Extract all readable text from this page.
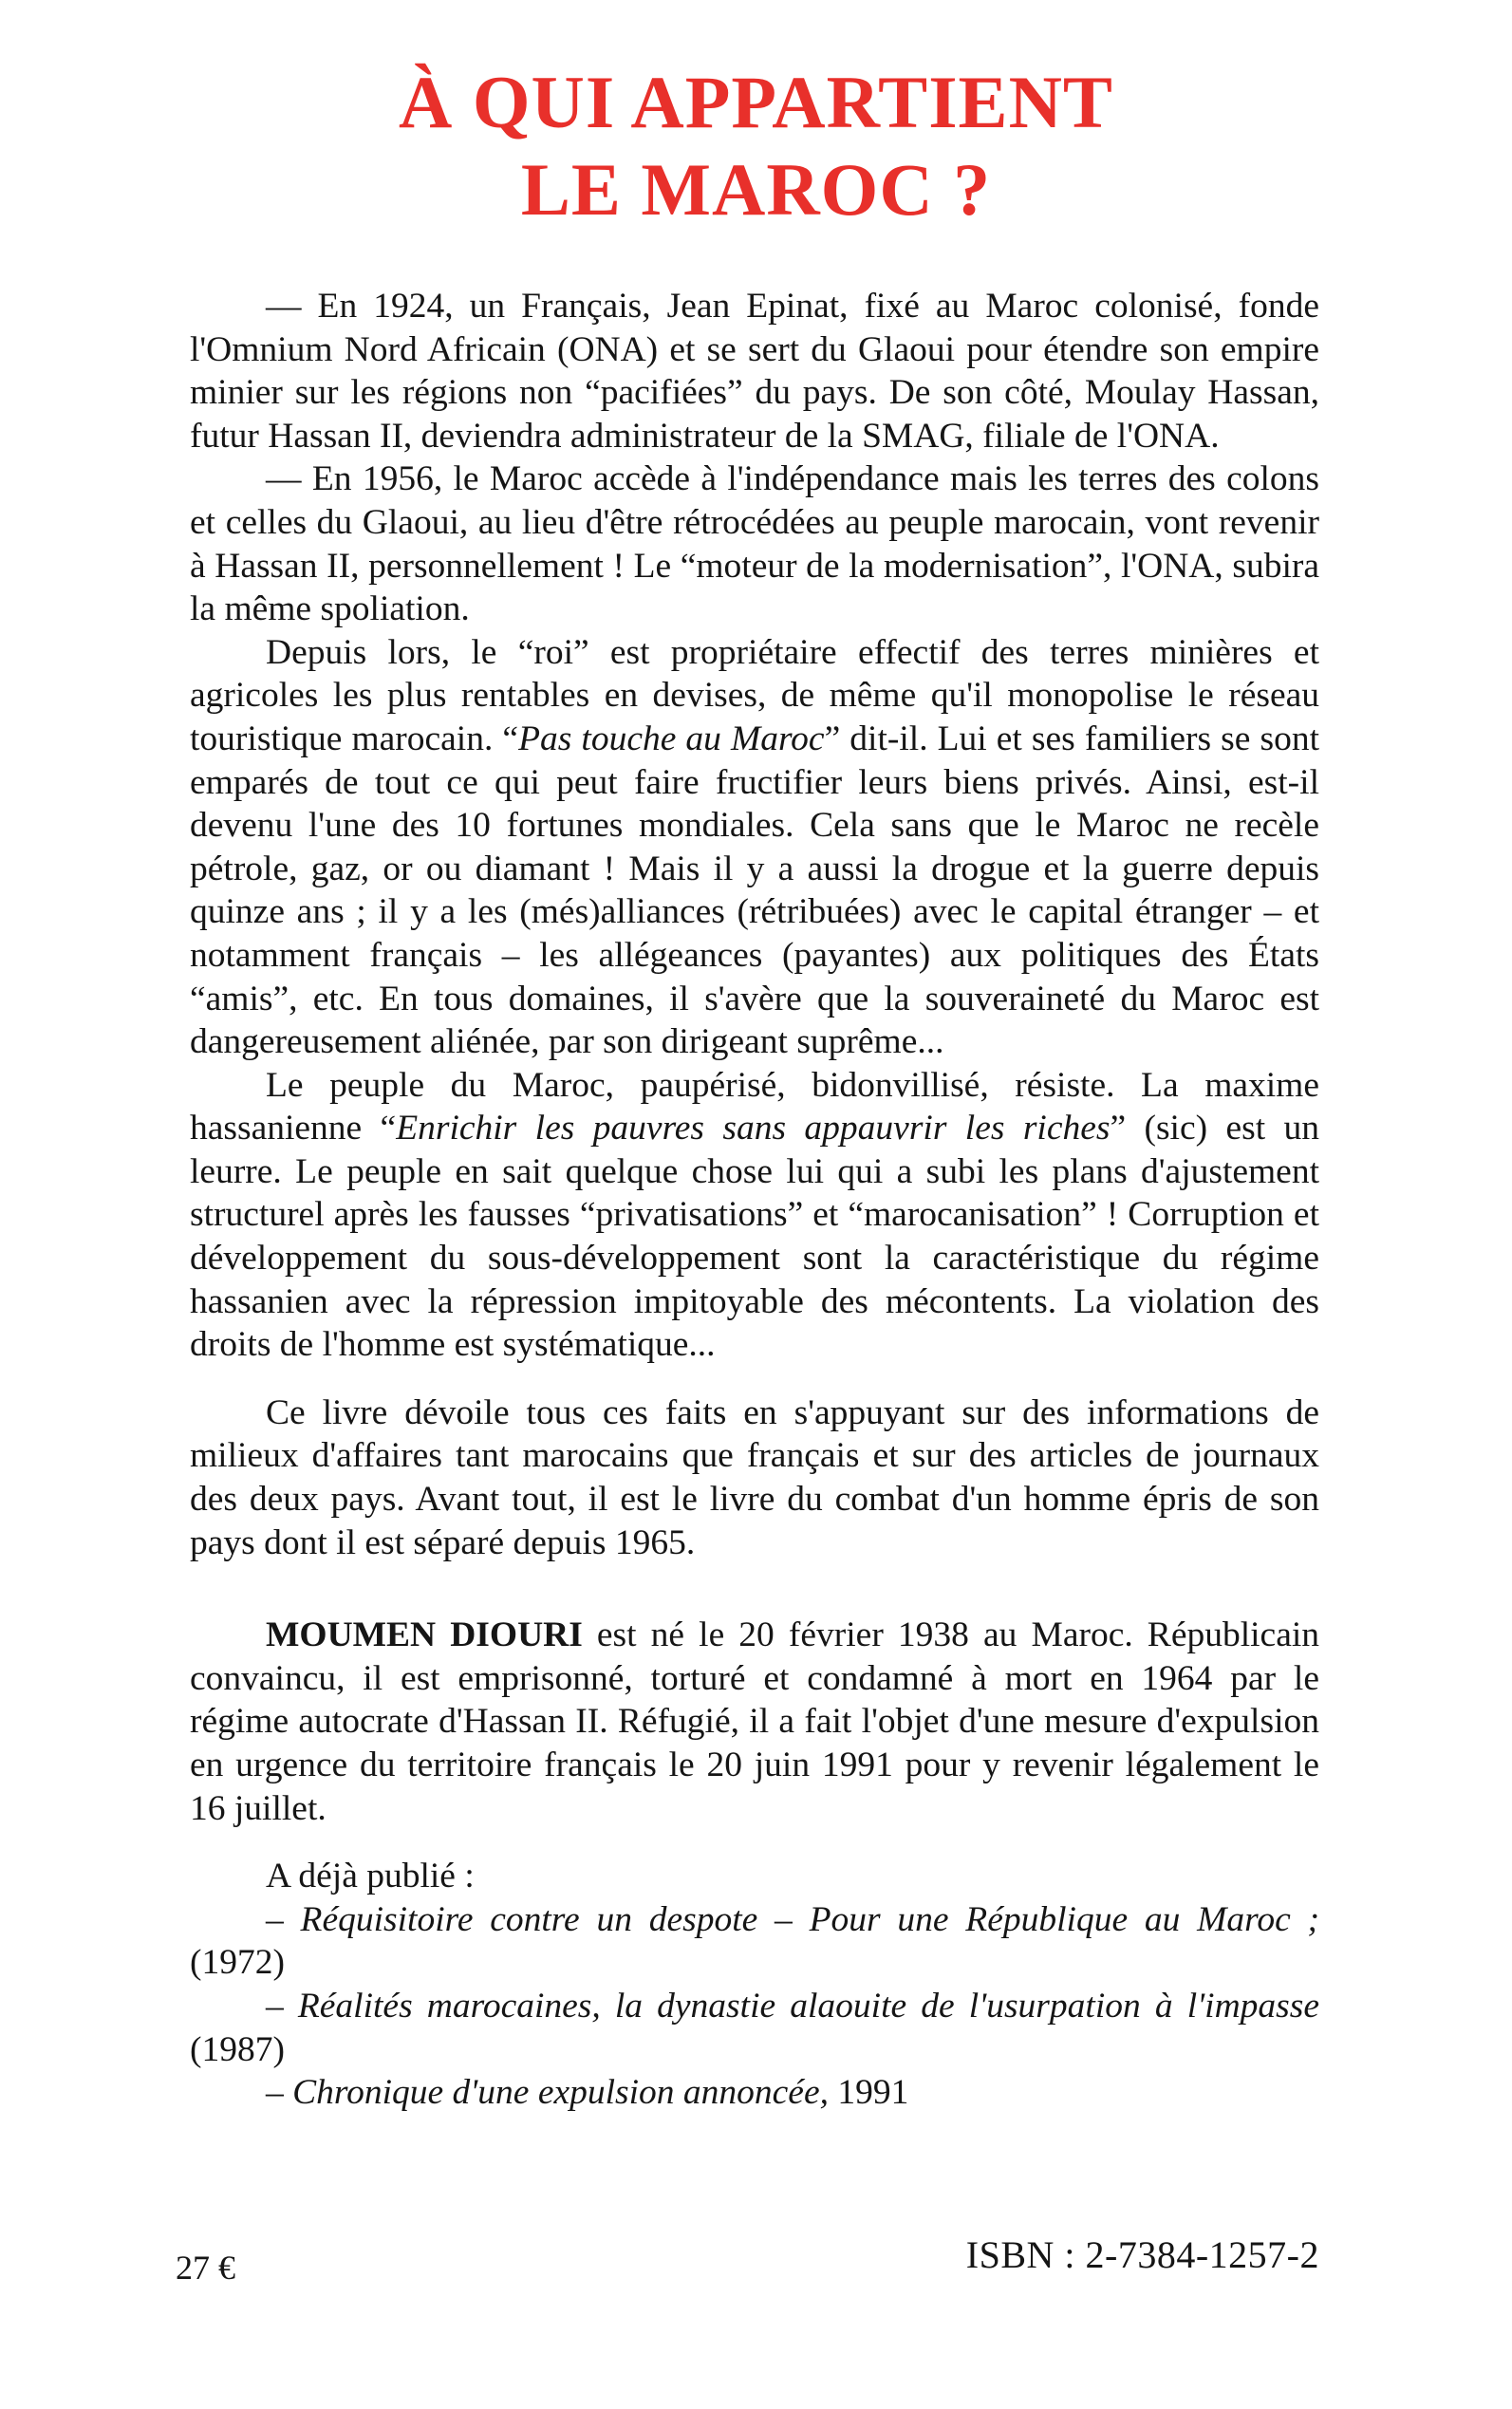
À QUI APPARTIENT
LE MAROC ?

— En 1924, un Français, Jean Epinat, fixé au Maroc colonisé, fonde l'Omnium Nord Africain (ONA) et se sert du Glaoui pour étendre son empire minier sur les régions non “pacifiées” du pays. De son côté, Moulay Hassan, futur Hassan II, deviendra administrateur de la SMAG, filiale de l'ONA.

— En 1956, le Maroc accède à l'indépendance mais les terres des colons et celles du Glaoui, au lieu d'être rétrocédées au peuple marocain, vont revenir à Hassan II, personnellement ! Le “moteur de la modernisation”, l'ONA, subira la même spoliation.

Depuis lors, le “roi” est propriétaire effectif des terres minières et agricoles les plus rentables en devises, de même qu'il monopolise le réseau touristique marocain. “Pas touche au Maroc” dit-il. Lui et ses familiers se sont emparés de tout ce qui peut faire fructifier leurs biens privés. Ainsi, est-il devenu l'une des 10 fortunes mondiales. Cela sans que le Maroc ne recèle pétrole, gaz, or ou diamant ! Mais il y a aussi la drogue et la guerre depuis quinze ans ; il y a les (més)alliances (rétribuées) avec le capital étranger – et notamment français – les allégeances (payantes) aux politiques des États “amis”, etc. En tous domaines, il s'avère que la souveraineté du Maroc est dangereusement aliénée, par son dirigeant suprême...

Le peuple du Maroc, paupérisé, bidonvillisé, résiste. La maxime hassanienne “Enrichir les pauvres sans appauvrir les riches” (sic) est un leurre. Le peuple en sait quelque chose lui qui a subi les plans d'ajustement structurel après les fausses “privatisations” et “marocanisation” ! Corruption et développement du sous-développement sont la caractéristique du régime hassanien avec la répression impitoyable des mécontents. La violation des droits de l'homme est systématique...

Ce livre dévoile tous ces faits en s'appuyant sur des informations de milieux d'affaires tant marocains que français et sur des articles de journaux des deux pays. Avant tout, il est le livre du combat d'un homme épris de son pays dont il est séparé depuis 1965.

MOUMEN DIOURI est né le 20 février 1938 au Maroc. Républicain convaincu, il est emprisonné, torturé et condamné à mort en 1964 par le régime autocrate d'Hassan II. Réfugié, il a fait l'objet d'une mesure d'expulsion en urgence du territoire français le 20 juin 1991 pour y revenir légalement le 16 juillet.

A déjà publié :

– Réquisitoire contre un despote – Pour une République au Maroc ; (1972)
– Réalités marocaines, la dynastie alaouite de l'usurpation à l'impasse (1987)
– Chronique d'une expulsion annoncée, 1991
27 €	ISBN : 2-7384-1257-2
